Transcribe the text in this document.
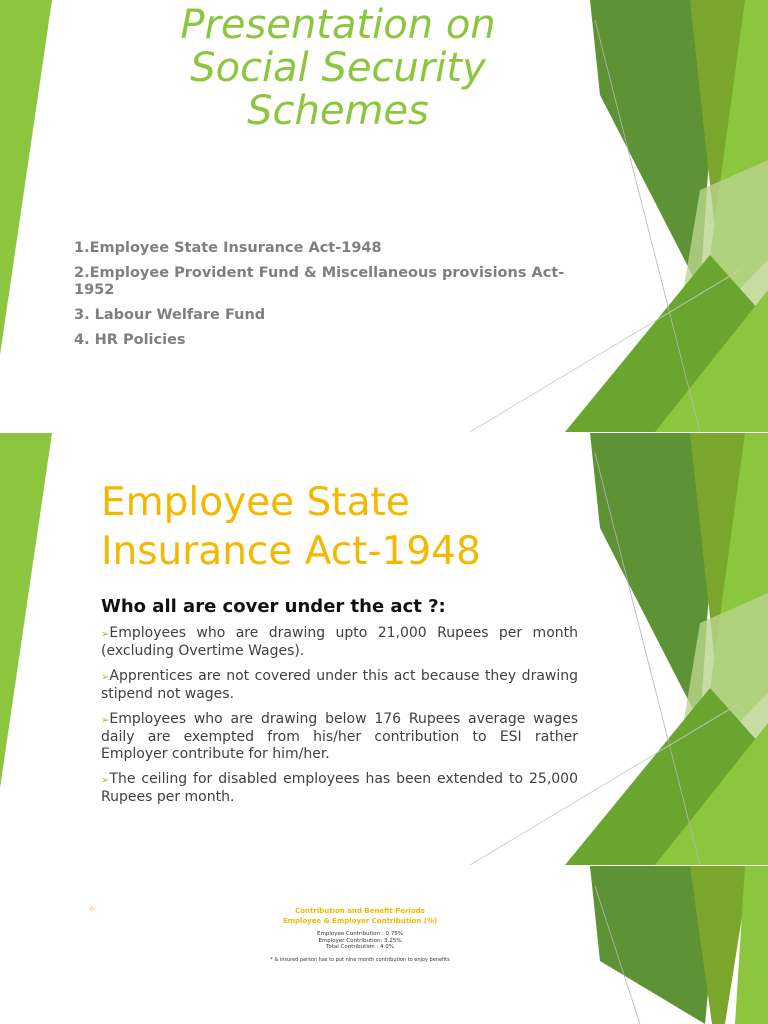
Presentation on Social Security Schemes
1.Employee State Insurance Act-1948
2.Employee Provident Fund & Miscellaneous provisions Act-1952
3. Labour Welfare Fund
4. HR Policies
Employee State Insurance Act-1948
Who all are cover under the act ?:
➢Employees who are drawing upto 21,000 Rupees per month (excluding Overtime Wages).
➢Apprentices are not covered under this act because they drawing stipend not wages.
➢Employees who are drawing below 176 Rupees average wages daily are exempted from his/her contribution to ESI rather Employer contribute for him/her.
➢The ceiling for disabled employees has been extended to 25,000 Rupees per month.
✧	Contribution and Benefit Periods
Employee & Employer Contribution (%)
Employee Contribution : 0.75%
Employer Contribution: 3.25%
Total Contribution : 4.0%
* & insured person has to put nine month contribution to enjoy benefits
